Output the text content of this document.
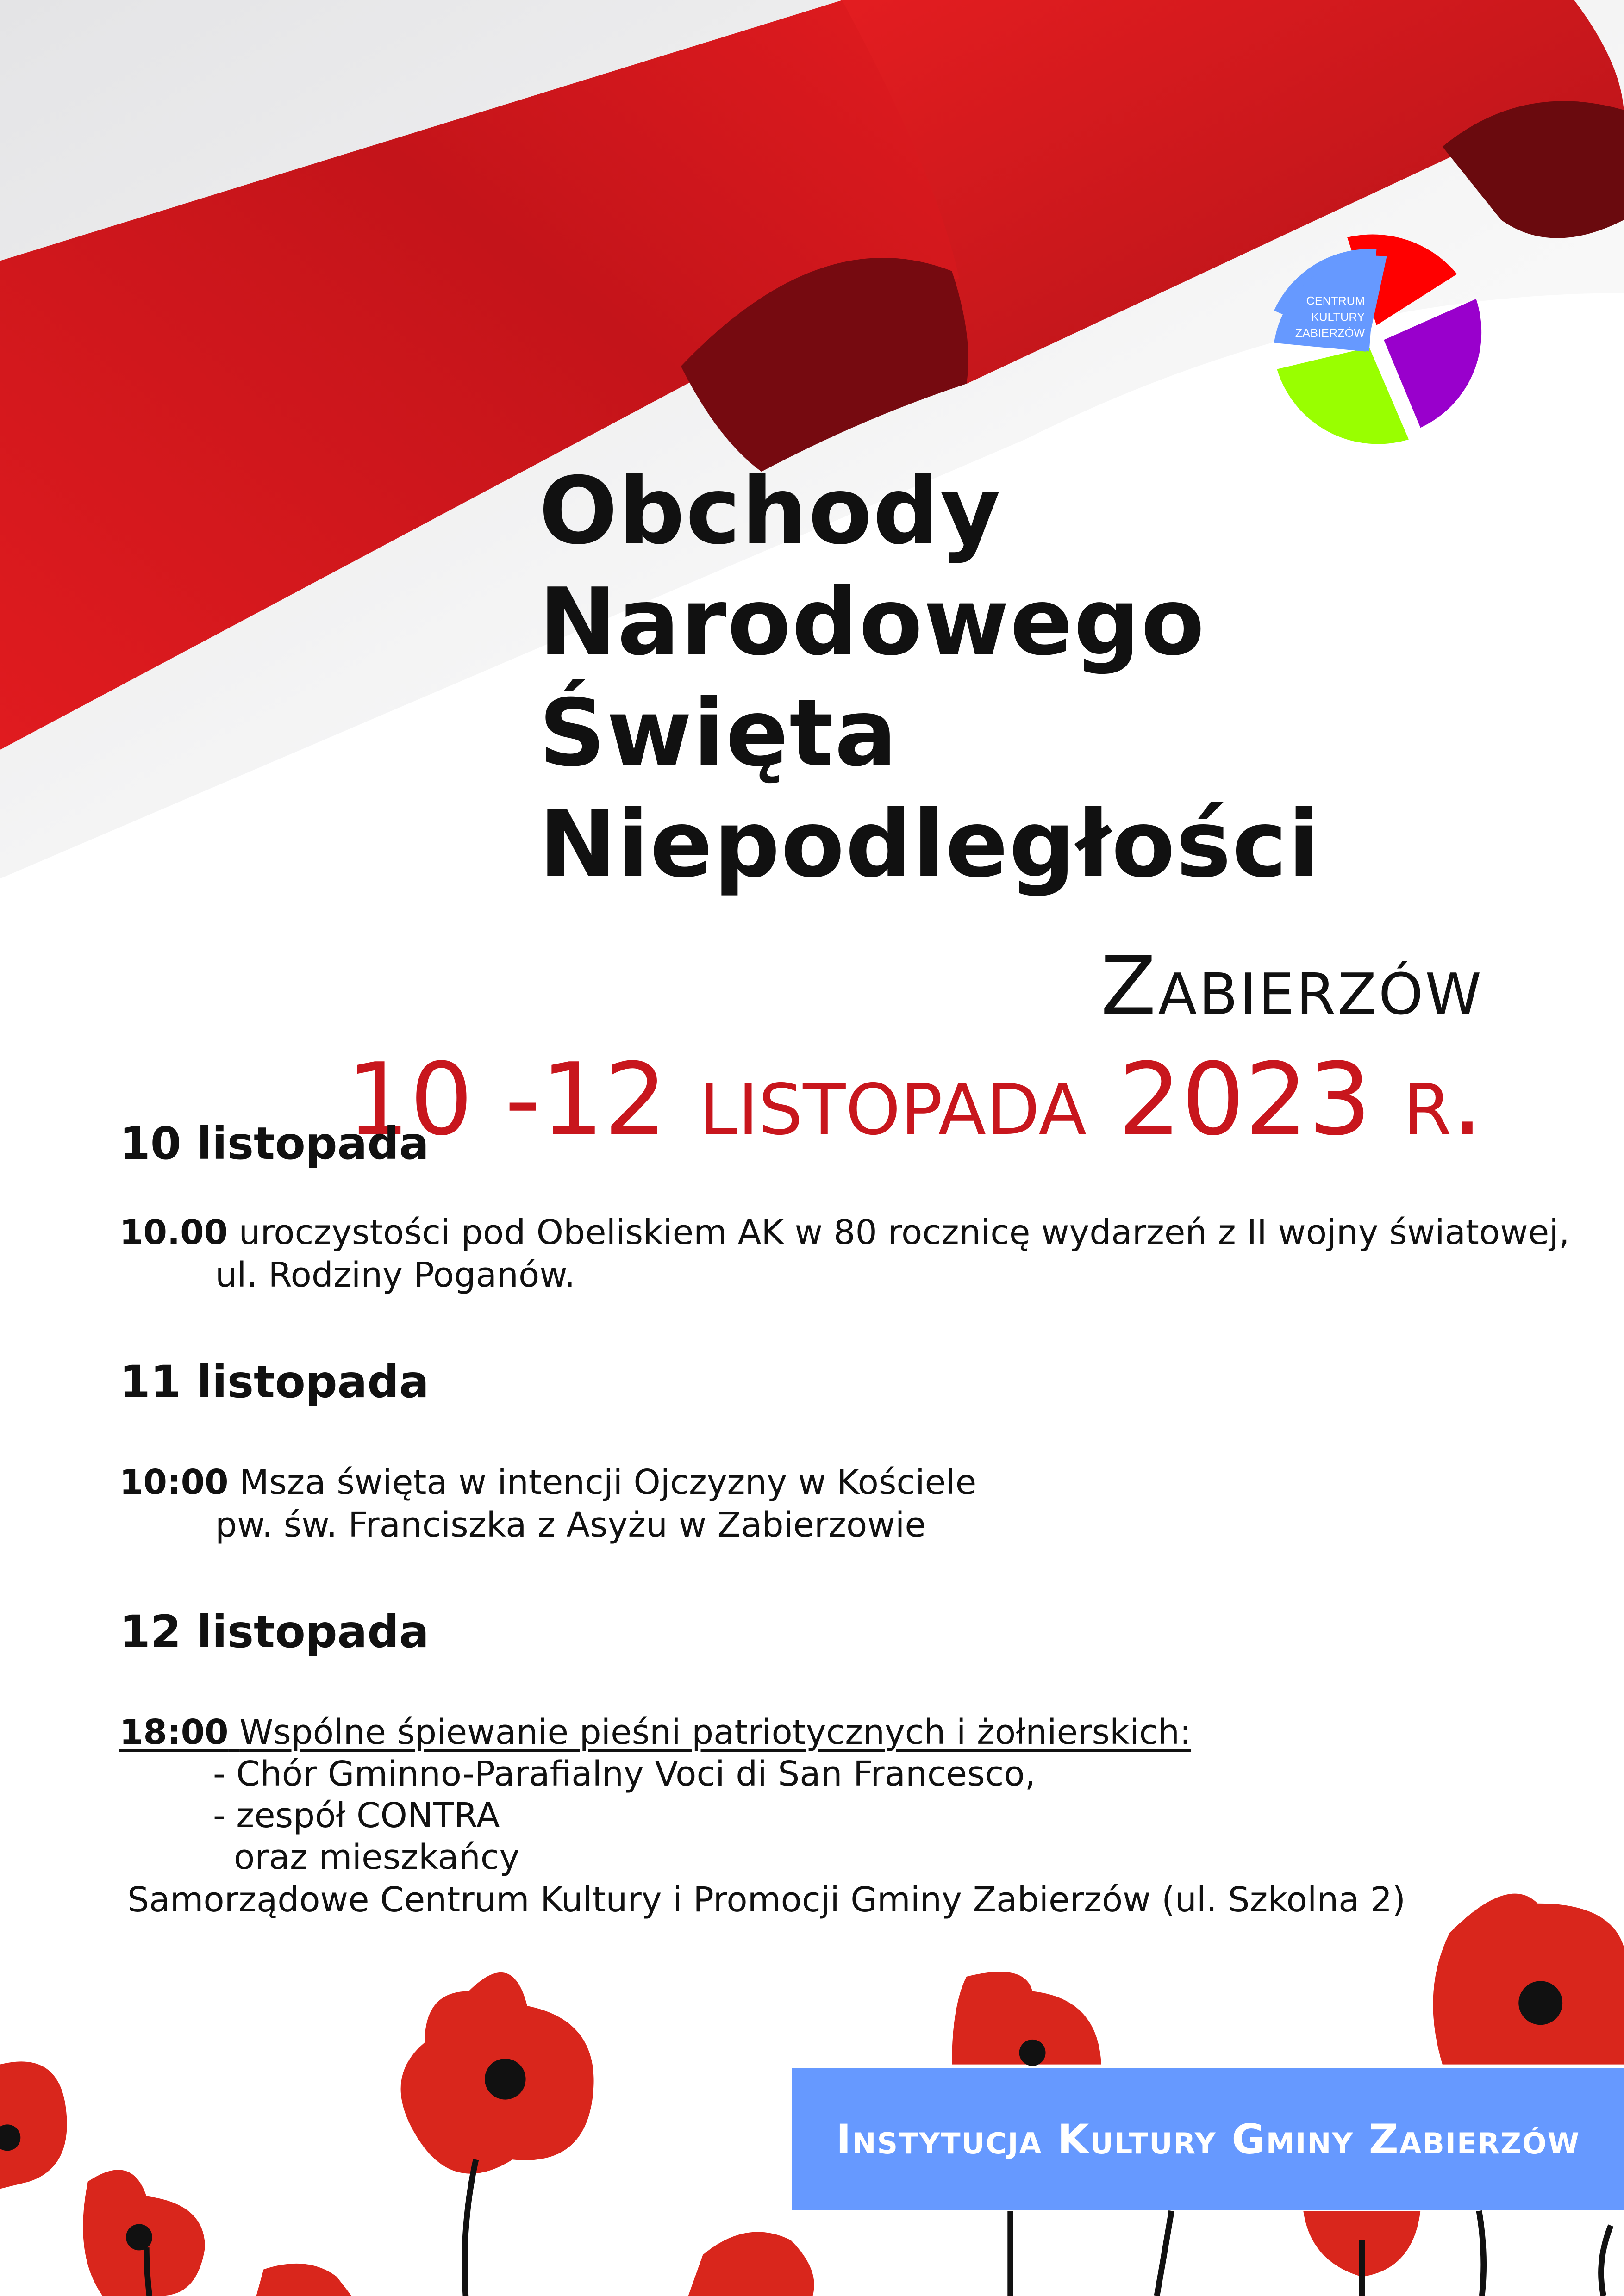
CENTRUM
KULTURY
ZABIERZÓW
Obchody
Narodowego
Święta
Niepodległości
Zabierzów
10 -12 listopada 2023 r.
10 listopada
10.00 uroczystości pod Obeliskiem AK w 80 rocznicę wydarzeń z II wojny światowej,
ul. Rodziny Poganów.
11 listopada
10:00 Msza święta w intencji Ojczyzny w Kościele
pw. św. Franciszka z Asyżu w Zabierzowie
12 listopada
18:00 Wspólne śpiewanie pieśni patriotycznych i żołnierskich:
- Chór Gminno-Parafialny Voci di San Francesco,
- zespół CONTRA
oraz mieszkańcy
Samorządowe Centrum Kultury i Promocji Gminy Zabierzów (ul. Szkolna 2)
Instytucja Kultury Gminy Zabierzów
